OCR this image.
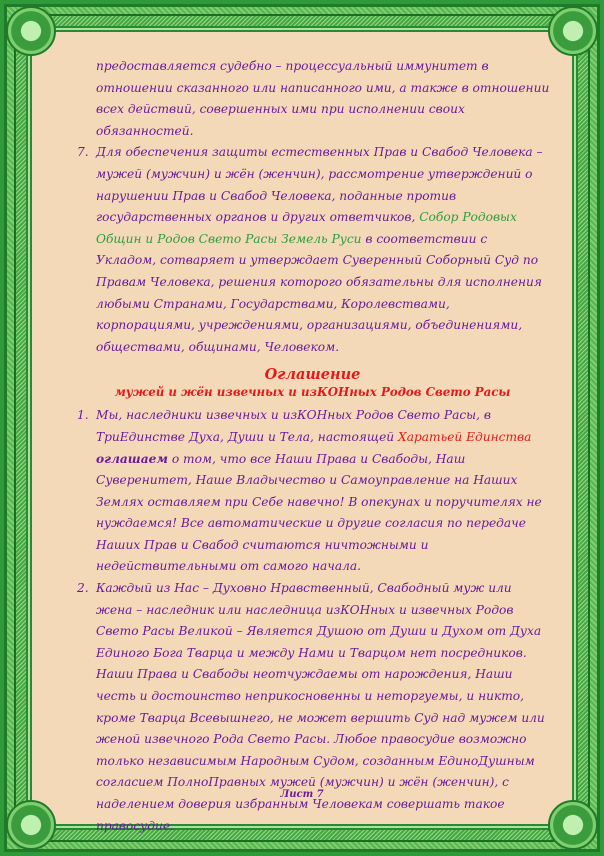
предоставляется судебно – процессуальный иммунитет в отношении сказанного или написанного ими, а также в отношении всех действий, совершенных ими при исполнении своих обязанностей.

7. Для обеспечения защиты естественных Прав и Свабод Человека – мужей (мужчин) и жён (женчин), рассмотрение утверждений о нарушении Прав и Свабод Человека, поданные против государственных органов и других ответчиков, Собор Родовых Общин и Родов Свето Расы Земель Руси в соответствии с Укладом, сотваряет и утверждает Суверенный Соборный Суд по Правам Человека, решения которого обязательны для исполнения любыми Странами, Государствами, Королевствами, корпорациями, учреждениями, организациями, объединениями, обществами, общинами, Человеком.

Оглашение
мужей и жён извечных и изКОНных Родов Свето Расы

1. Мы, наследники извечных и изКОНных Родов Свето Расы, в ТриЕдинстве Духа, Души и Тела, настоящей Харатьей Единства оглашаем о том, что все Наши Права и Свабоды, Наш Суверенитет, Наше Владычество и Самоуправление на Наших Землях оставляем при Себе навечно! В опекунах и поручителях не нуждаемся! Все автоматические и другие согласия по передаче Наших Прав и Свабод считаются ничтожными и недействительными от самого начала.

2. Каждый из Нас – Духовно Нравственный, Свабодный муж или жена – наследник или наследница изКОНных и извечных Родов Свето Расы Великой – Является Душою от Души и Духом от Духа Единого Бога Тварца и между Нами и Тварцом нет посредников. Наши Права и Свабоды неотчуждаемы от нарождения, Наши честь и достоинство неприкосновенны и неторгуемы, и никто, кроме Тварца Всевышнего, не может вершить Суд над мужем или женой извечного Рода Свето Расы. Любое правосудие возможно только независимым Народным Судом, созданным ЕдиноДушным согласием ПолноПравных мужей (мужчин) и жён (женчин), с наделением доверия избранным Человекам совершать такое правосудие.

Лист 7
